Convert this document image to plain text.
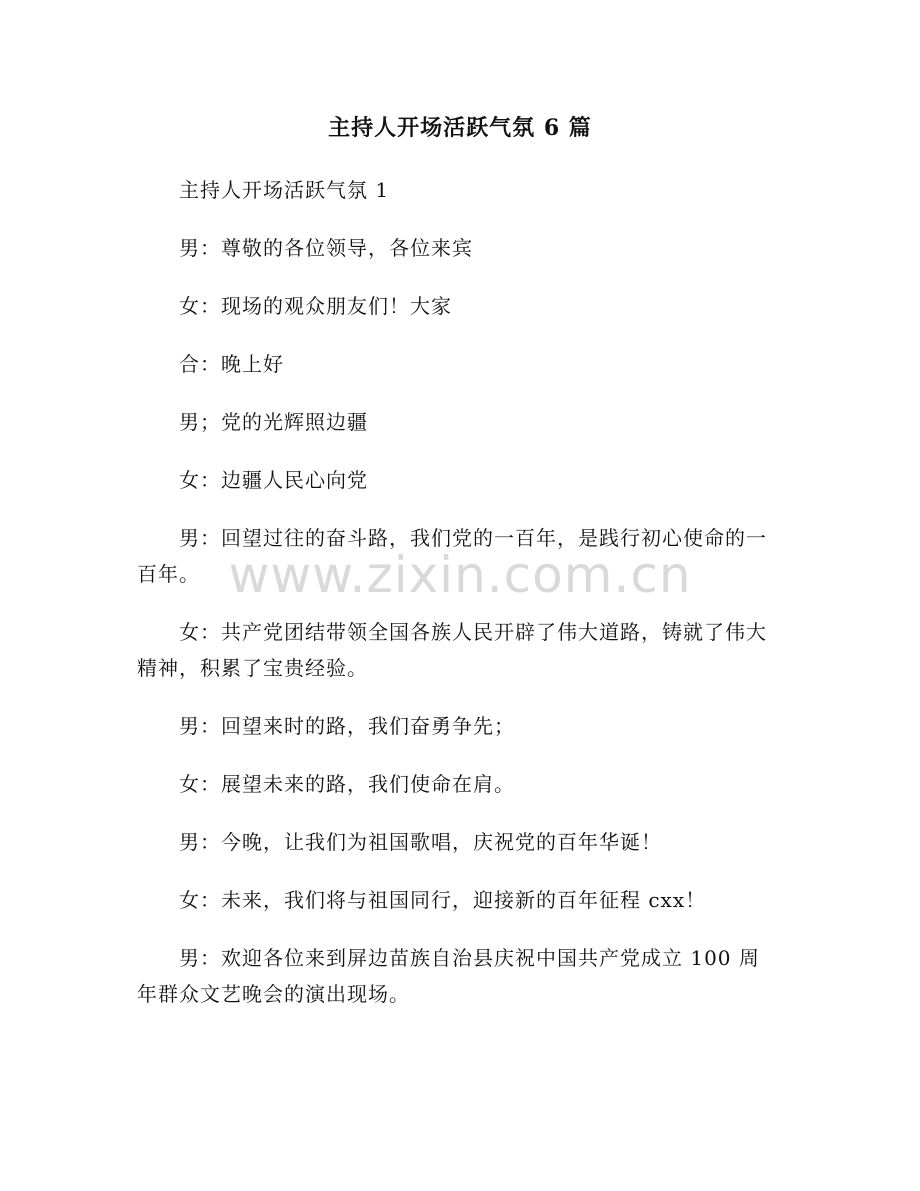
主持人开场活跃气氛 6 篇

主持人开场活跃气氛 1

男：尊敬的各位领导，各位来宾

女：现场的观众朋友们！大家

合：晚上好

男；党的光辉照边疆

女：边疆人民心向党

男：回望过往的奋斗路，我们党的一百年，是践行初心使命的一百年。

女：共产党团结带领全国各族人民开辟了伟大道路，铸就了伟大精神，积累了宝贵经验。

男：回望来时的路，我们奋勇争先；

女：展望未来的路，我们使命在肩。

男：今晚，让我们为祖国歌唱，庆祝党的百年华诞！

女：未来，我们将与祖国同行，迎接新的百年征程 cxx！

男：欢迎各位来到屏边苗族自治县庆祝中国共产党成立 100 周年群众文艺晚会的演出现场。

www.zixin.com.cn
